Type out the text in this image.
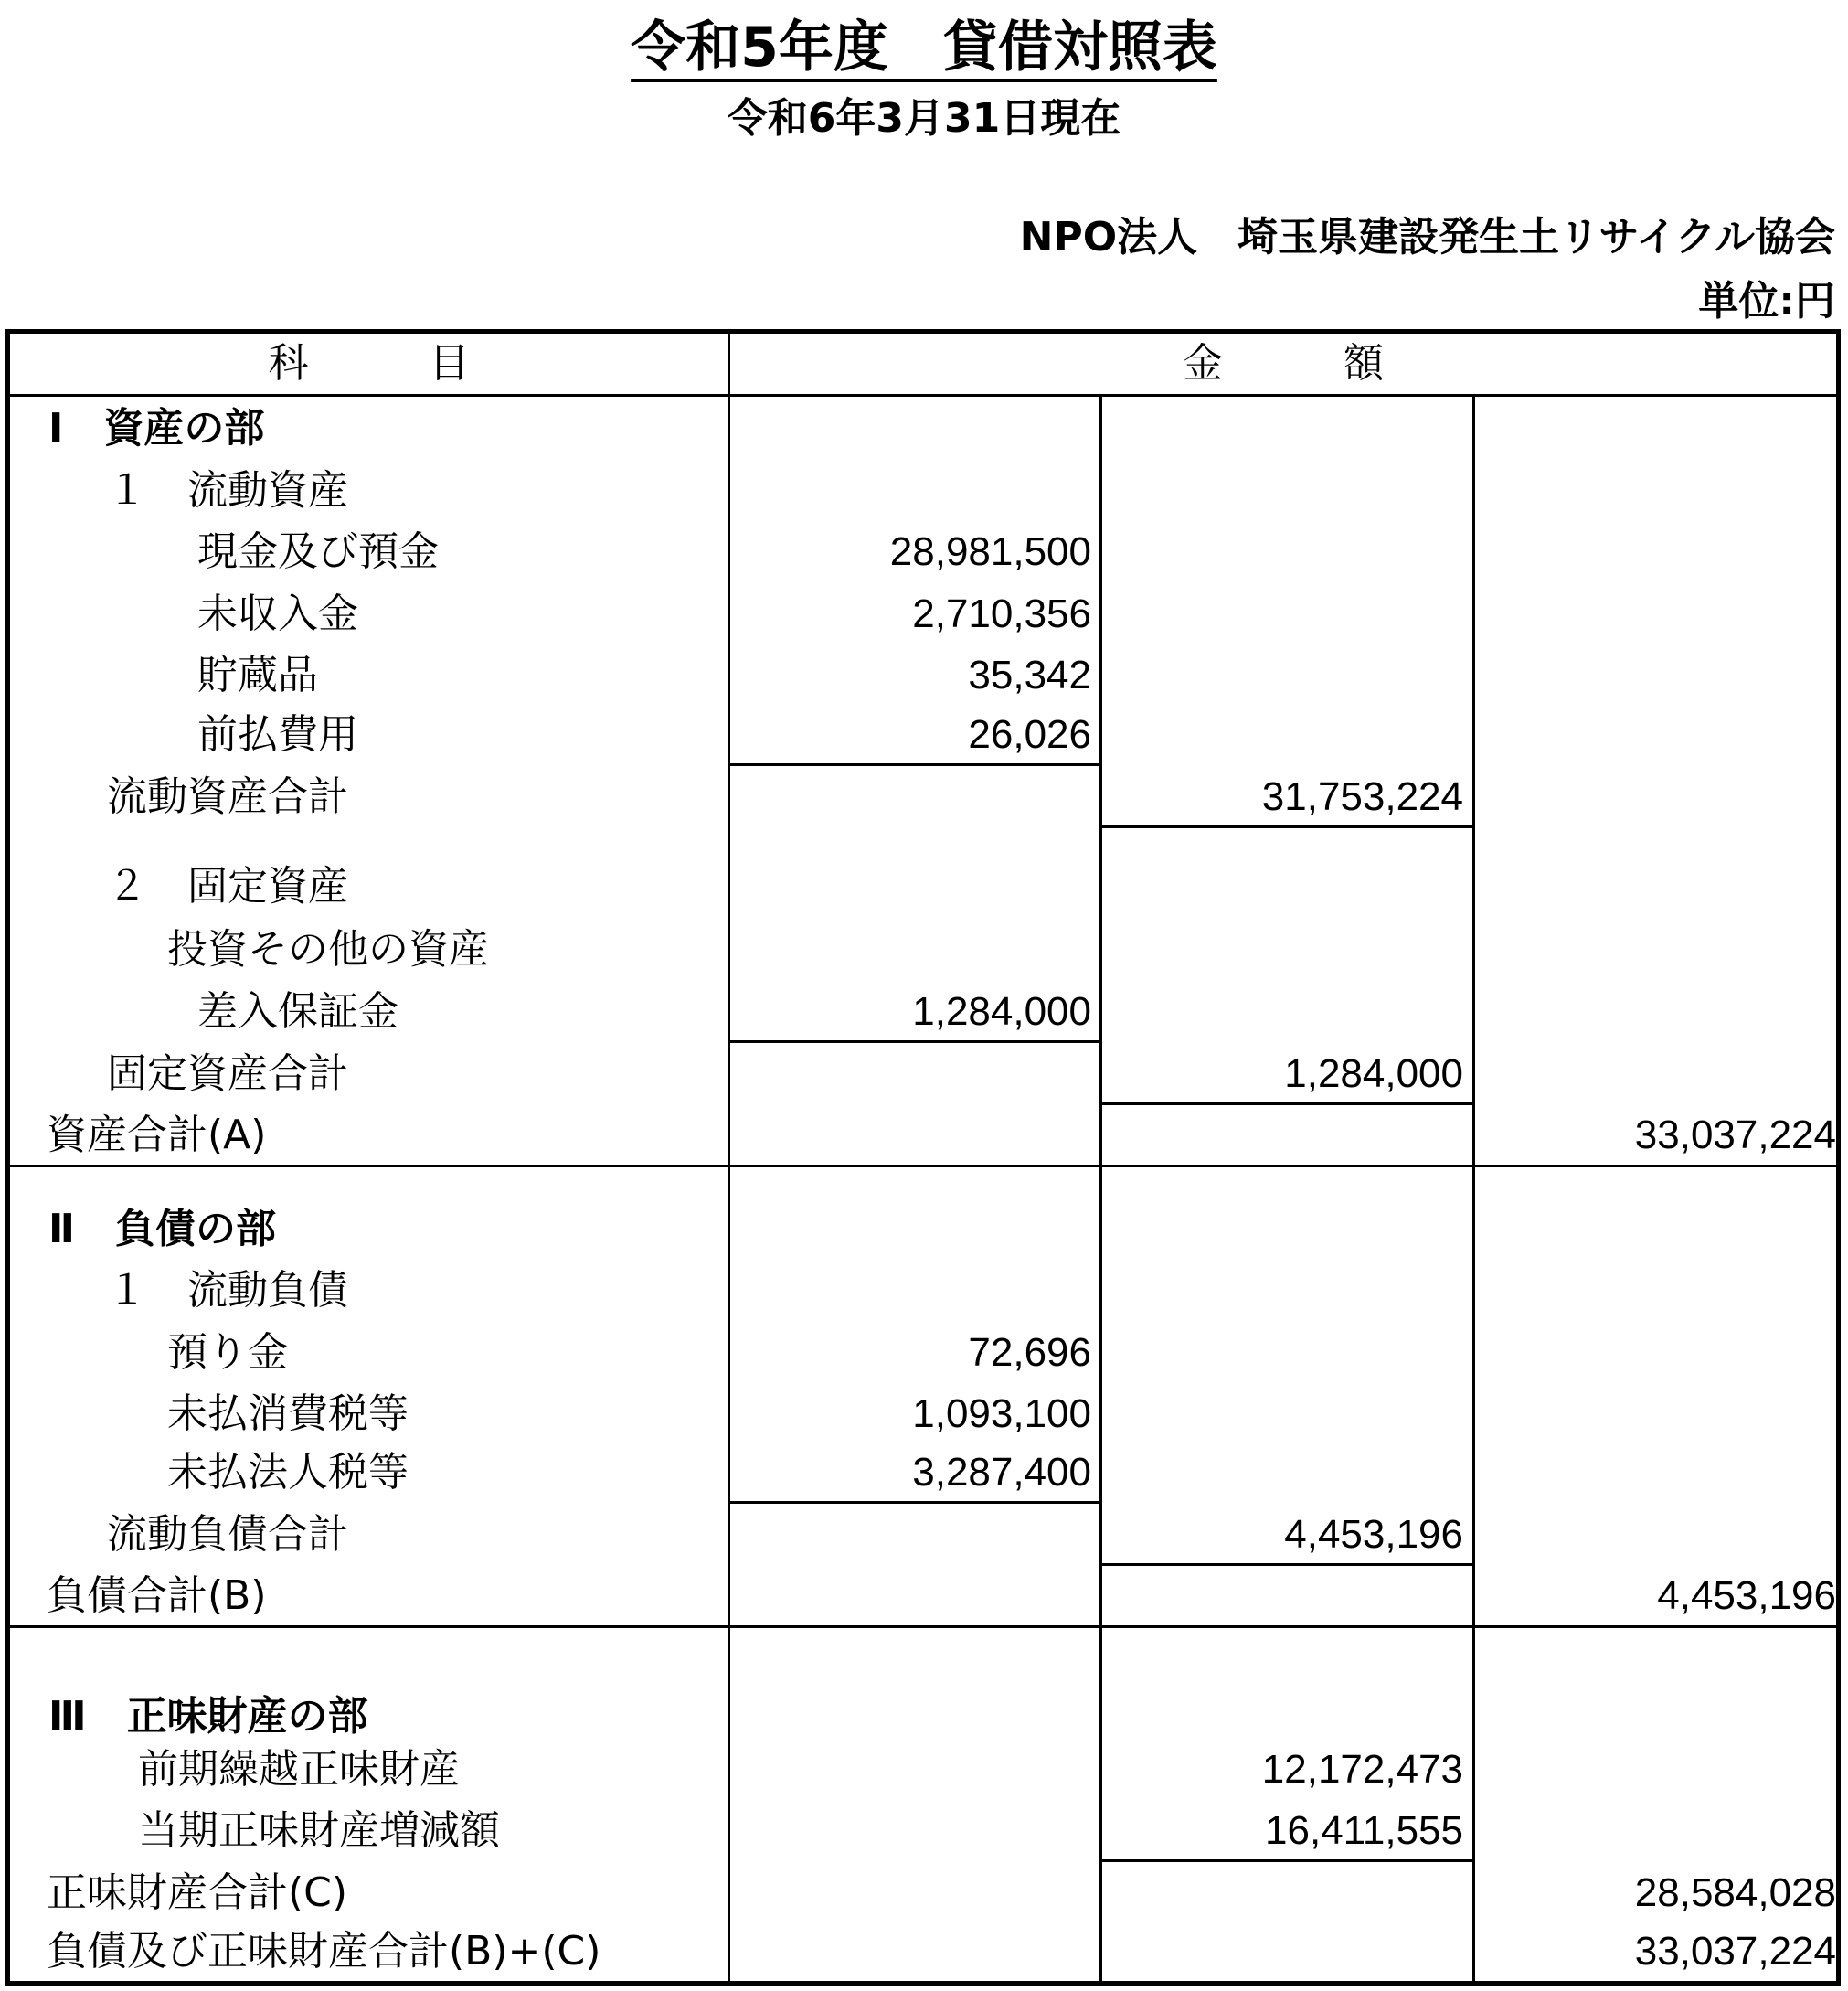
令和5年度　貸借対照表
令和6年3月31日現在
NPO法人　埼玉県建設発生土リサイクル協会
単位:円
科　　　目	金　　　額
Ⅰ　資産の部
１　流動資産
現金及び預金	28,981,500
未収入金	2,710,356
貯蔵品	35,342
前払費用	26,026
流動資産合計	31,753,224
２　固定資産
投資その他の資産
差入保証金	1,284,000
固定資産合計	1,284,000
資産合計(A)	33,037,224
Ⅱ　負債の部
１　流動負債
預り金	72,696
未払消費税等	1,093,100
未払法人税等	3,287,400
流動負債合計	4,453,196
負債合計(B)	4,453,196
Ⅲ　正味財産の部
前期繰越正味財産	12,172,473
当期正味財産増減額	16,411,555
正味財産合計(C)	28,584,028
負債及び正味財産合計(B)+(C)	33,037,224
